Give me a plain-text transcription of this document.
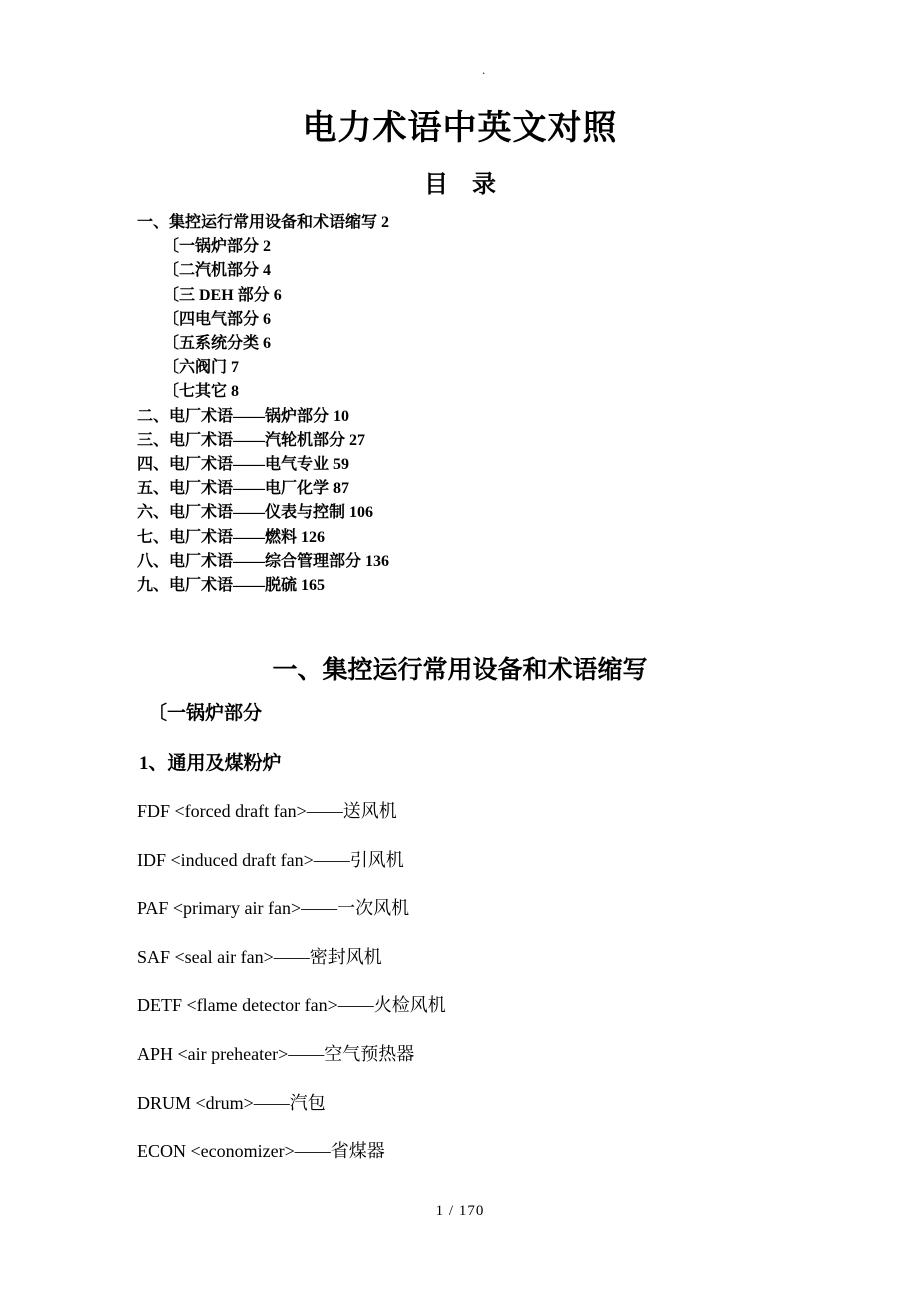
.
电力术语中英文对照
目　录
一、集控运行常用设备和术语缩写 2
〔一锅炉部分 2
〔二汽机部分 4
〔三 DEH 部分 6
〔四电气部分 6
〔五系统分类 6
〔六阀门 7
〔七其它 8
二、电厂术语——锅炉部分 10
三、电厂术语——汽轮机部分 27
四、电厂术语——电气专业 59
五、电厂术语——电厂化学 87
六、电厂术语——仪表与控制 106
七、电厂术语——燃料 126
八、电厂术语——综合管理部分 136
九、电厂术语——脱硫 165
一、集控运行常用设备和术语缩写
〔一锅炉部分
1、通用及煤粉炉
FDF <forced draft fan>——送风机
IDF <induced draft fan>——引风机
PAF <primary air fan>——一次风机
SAF <seal air fan>——密封风机
DETF <flame detector fan>——火检风机
APH <air preheater>——空气预热器
DRUM <drum>——汽包
ECON <economizer>——省煤器
1 / 170
